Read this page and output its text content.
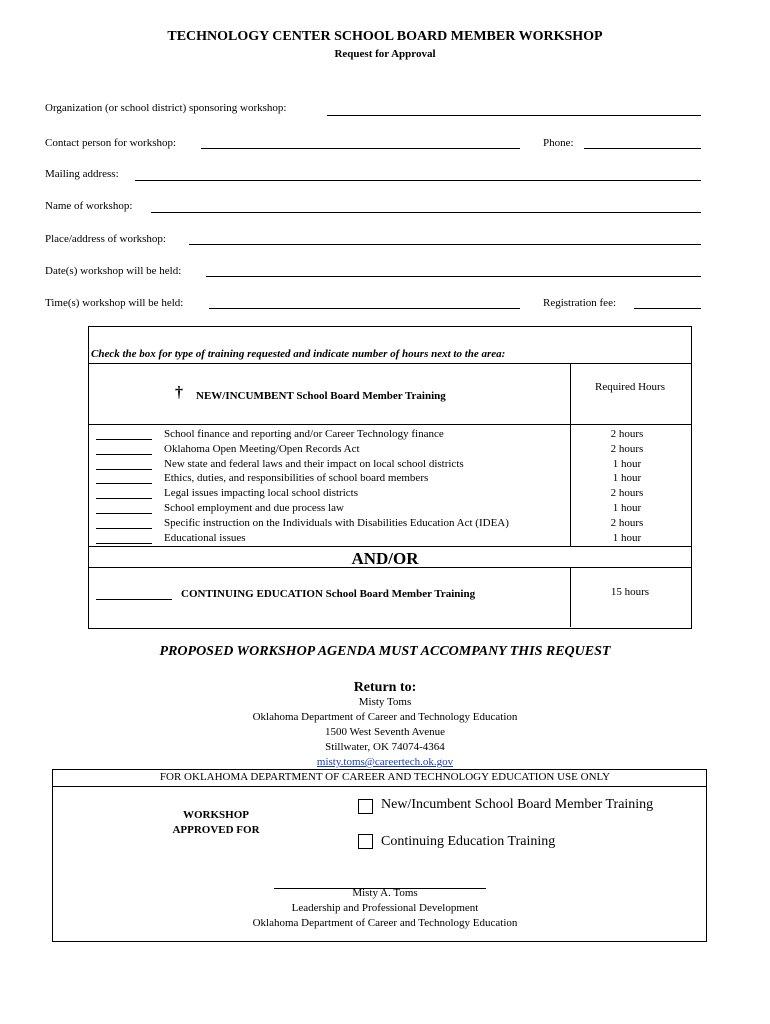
TECHNOLOGY CENTER SCHOOL BOARD MEMBER WORKSHOP
Request for Approval
Organization (or school district) sponsoring workshop:
Contact person for workshop:	Phone:
Mailing address:
Name of workshop:
Place/address of workshop:
Date(s) workshop will be held:
Time(s) workshop will be held:	Registration fee:
Check the box for type of training requested and indicate number of hours next to the area:
† NEW/INCUMBENT School Board Member Training
Required Hours
School finance and reporting and/or Career Technology finance	2 hours
Oklahoma Open Meeting/Open Records Act	2 hours
New state and federal laws and their impact on local school districts	1 hour
Ethics, duties, and responsibilities of school board members	1 hour
Legal issues impacting local school districts	2 hours
School employment and due process law	1 hour
Specific instruction on the Individuals with Disabilities Education Act (IDEA)	2 hours
Educational issues	1 hour
AND/OR
CONTINUING EDUCATION School Board Member Training	15 hours
PROPOSED WORKSHOP AGENDA MUST ACCOMPANY THIS REQUEST
Return to:
Misty Toms
Oklahoma Department of Career and Technology Education
1500 West Seventh Avenue
Stillwater, OK 74074-4364
misty.toms@careertech.ok.gov
FOR OKLAHOMA DEPARTMENT OF CAREER AND TECHNOLOGY EDUCATION USE ONLY
WORKSHOP
APPROVED FOR
New/Incumbent School Board Member Training
Continuing Education Training
Misty A. Toms
Leadership and Professional Development
Oklahoma Department of Career and Technology Education
